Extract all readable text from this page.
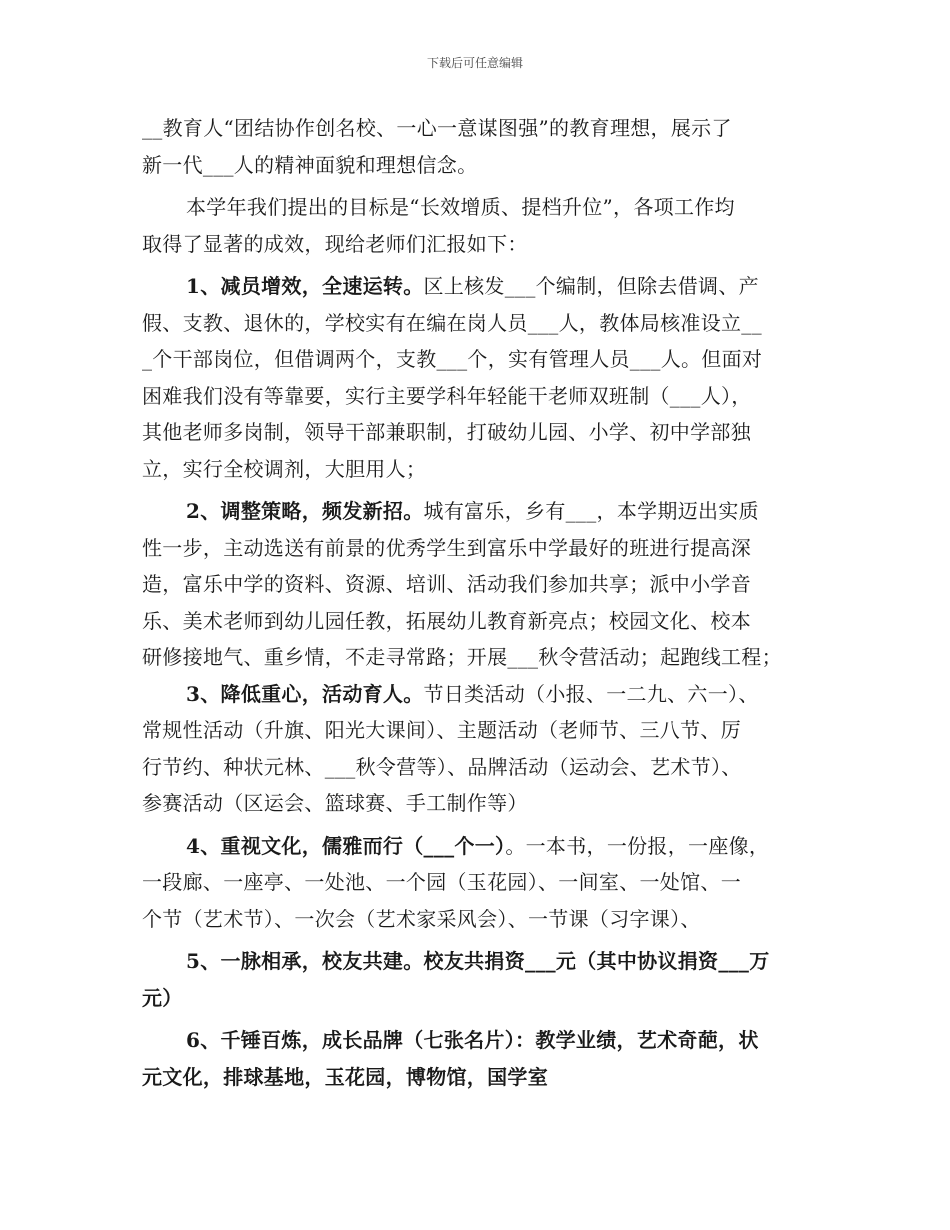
下载后可任意编辑
__教育人“团结协作创名校、一心一意谋图强”的教育理想，展示了
新一代___人的精神面貌和理想信念。
本学年我们提出的目标是“长效增质、提档升位”，各项工作均
取得了显著的成效，现给老师们汇报如下：
1、减员增效，全速运转。区上核发___个编制，但除去借调、产
假、支教、退休的，学校实有在编在岗人员___人，教体局核准设立__
_个干部岗位，但借调两个，支教___个，实有管理人员___人。但面对
困难我们没有等靠要，实行主要学科年轻能干老师双班制（___人），
其他老师多岗制，领导干部兼职制，打破幼儿园、小学、初中学部独
立，实行全校调剂，大胆用人；
2、调整策略，频发新招。城有富乐，乡有___，本学期迈出实质
性一步，主动选送有前景的优秀学生到富乐中学最好的班进行提高深
造，富乐中学的资料、资源、培训、活动我们参加共享；派中小学音
乐、美术老师到幼儿园任教，拓展幼儿教育新亮点；校园文化、校本
研修接地气、重乡情，不走寻常路；开展___秋令营活动；起跑线工程；
3、降低重心，活动育人。节日类活动（小报、一二九、六一）、
常规性活动（升旗、阳光大课间）、主题活动（老师节、三八节、厉
行节约、种状元林、___秋令营等）、品牌活动（运动会、艺术节）、
参赛活动（区运会、篮球赛、手工制作等）
4、重视文化，儒雅而行（___个一）。一本书，一份报，一座像，
一段廊、一座亭、一处池、一个园（玉花园）、一间室、一处馆、一
个节（艺术节）、一次会（艺术家采风会）、一节课（习字课）、
5、一脉相承，校友共建。校友共捐资___元（其中协议捐资___万
元）
6、千锤百炼，成长品牌（七张名片）：教学业绩，艺术奇葩，状
元文化，排球基地，玉花园，博物馆，国学室
